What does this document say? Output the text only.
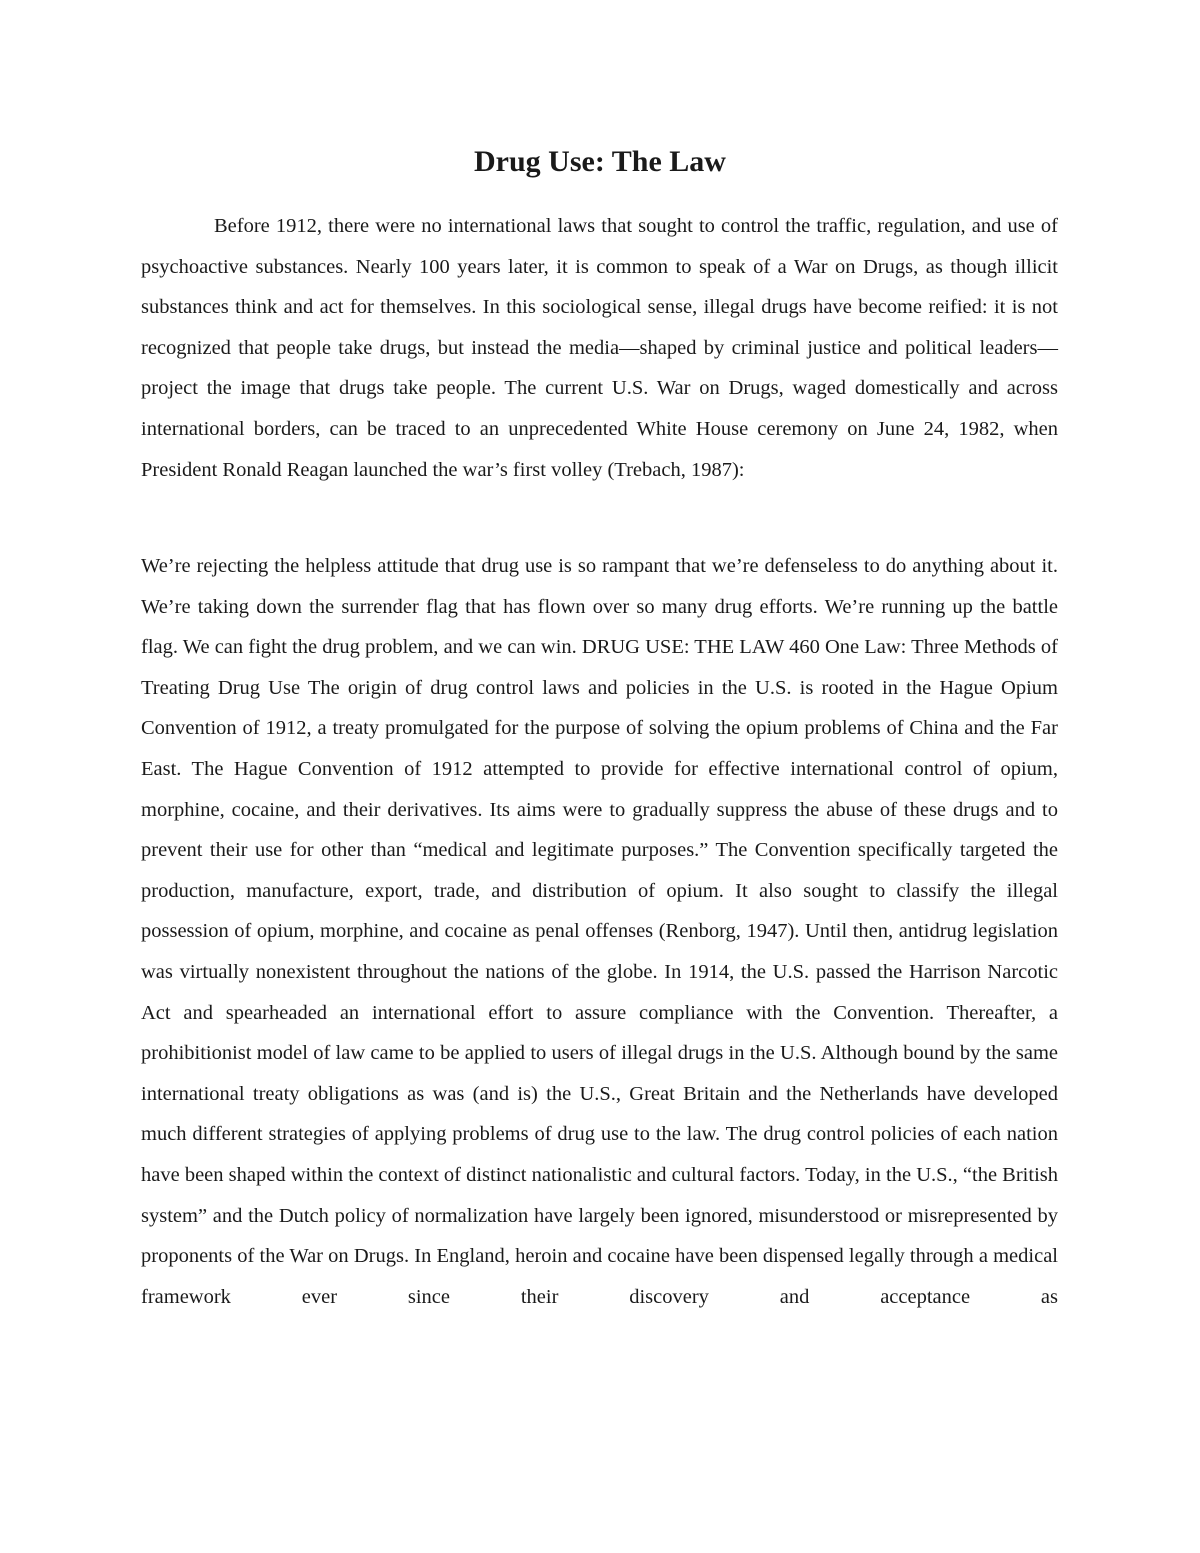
Drug Use: The Law

Before 1912, there were no international laws that sought to control the traffic, regulation, and use of psychoactive substances. Nearly 100 years later, it is common to speak of a War on Drugs, as though illicit substances think and act for themselves. In this sociological sense, illegal drugs have become reified: it is not recognized that people take drugs, but instead the media—shaped by criminal justice and political leaders—project the image that drugs take people. The current U.S. War on Drugs, waged domestically and across international borders, can be traced to an unprecedented White House ceremony on June 24, 1982, when President Ronald Reagan launched the war’s first volley (Trebach, 1987):

We’re rejecting the helpless attitude that drug use is so rampant that we’re defenseless to do anything about it. We’re taking down the surrender flag that has flown over so many drug efforts. We’re running up the battle flag. We can fight the drug problem, and we can win. DRUG USE: THE LAW 460 One Law: Three Methods of Treating Drug Use The origin of drug control laws and policies in the U.S. is rooted in the Hague Opium Convention of 1912, a treaty promulgated for the purpose of solving the opium problems of China and the Far East. The Hague Convention of 1912 attempted to provide for effective international control of opium, morphine, cocaine, and their derivatives. Its aims were to gradually suppress the abuse of these drugs and to prevent their use for other than “medical and legitimate purposes.” The Convention specifically targeted the production, manufacture, export, trade, and distribution of opium. It also sought to classify the illegal possession of opium, morphine, and cocaine as penal offenses (Renborg, 1947). Until then, antidrug legislation was virtually nonexistent throughout the nations of the globe. In 1914, the U.S. passed the Harrison Narcotic Act and spearheaded an international effort to assure compliance with the Convention. Thereafter, a prohibitionist model of law came to be applied to users of illegal drugs in the U.S. Although bound by the same international treaty obligations as was (and is) the U.S., Great Britain and the Netherlands have developed much different strategies of applying problems of drug use to the law. The drug control policies of each nation have been shaped within the context of distinct nationalistic and cultural factors. Today, in the U.S., “the British system” and the Dutch policy of normalization have largely been ignored, misunderstood or misrepresented by proponents of the War on Drugs. In England, heroin and cocaine have been dispensed legally through a medical framework ever since their discovery and acceptance as
